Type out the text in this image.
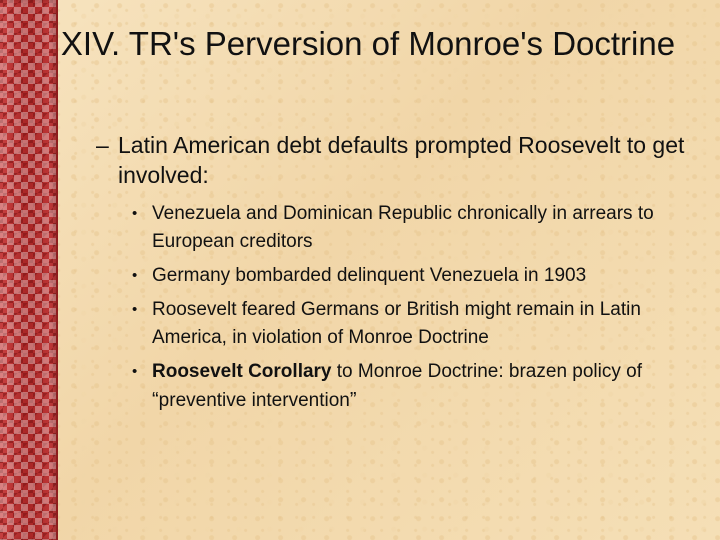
XIV. TR's Perversion of Monroe's Doctrine
– Latin American debt defaults prompted Roosevelt to get involved:
• Venezuela and Dominican Republic chronically in arrears to European creditors
• Germany bombarded delinquent Venezuela in 1903
• Roosevelt feared Germans or British might remain in Latin America, in violation of Monroe Doctrine
• Roosevelt Corollary to Monroe Doctrine: brazen policy of “preventive intervention”
